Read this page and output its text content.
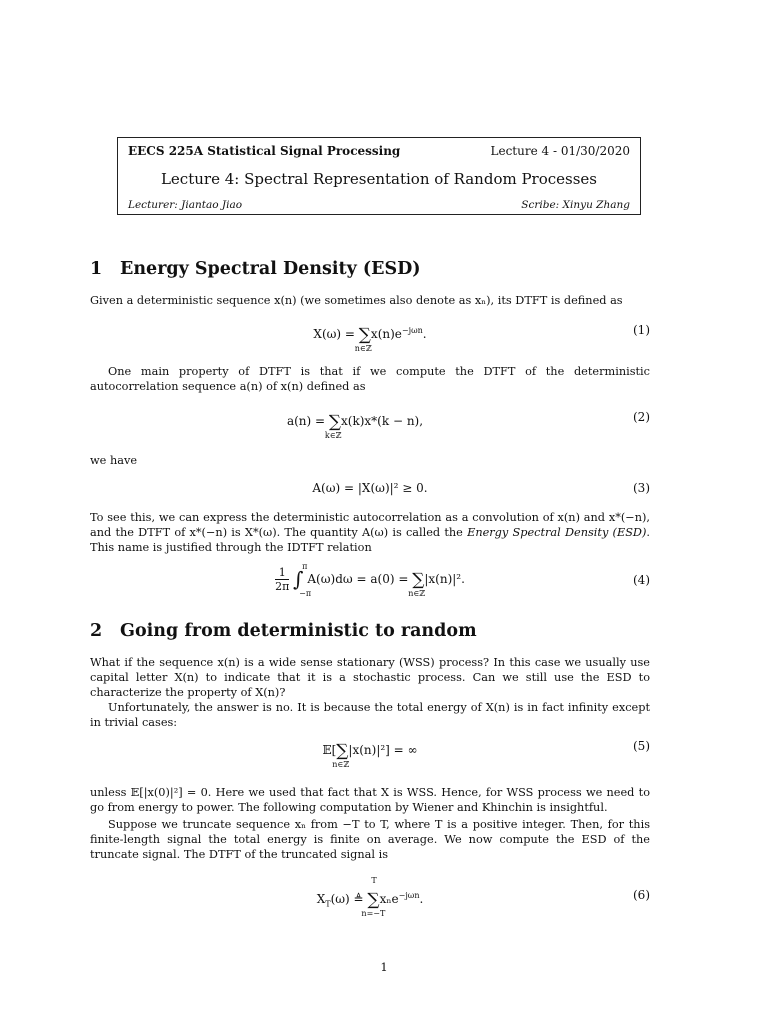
EECS 225A Statistical Signal Processing	Lecture 4 - 01/30/2020
Lecture 4: Spectral Representation of Random Processes
Lecturer: Jiantao Jiao	Scribe: Xinyu Zhang
1 Energy Spectral Density (ESD)
Given a deterministic sequence x(n) (we sometimes also denote as xₙ), its DTFT is defined as
X(ω) = ∑
n∈ℤ
$x(n)e^{-j\omega n}$.	(1)
One main property of DTFT is that if we compute the DTFT of the deterministic autocorrelation sequence a(n) of x(n) defined as
a(n) = ∑
k∈ℤ
x(k)x*(k − n),	(2)
we have
A(ω) = |X(ω)|² ≥ 0.	(3)
To see this, we can express the deterministic autocorrelation as a convolution of x(n) and x*(−n), and the DTFT of x*(−n) is X*(ω). The quantity A(ω) is called the Energy Spectral Density (ESD). This name is justified through the IDTFT relation
$\frac{1}{2\pi}$ ∫
π
−π
A(ω)dω = a(0) = ∑
n∈ℤ
|x(n)|².	(4)
2 Going from deterministic to random
What if the sequence x(n) is a wide sense stationary (WSS) process? In this case we usually use capital letter X(n) to indicate that it is a stochastic process. Can we still use the ESD to characterize the property of X(n)?
Unfortunately, the answer is no. It is because the total energy of X(n) is in fact infinity except in trivial cases:
𝔼[∑
n∈ℤ
|x(n)|²] = ∞	(5)
unless 𝔼[|x(0)|²] = 0. Here we used that fact that X is WSS. Hence, for WSS process we need to go from energy to power. The following computation by Wiener and Khinchin is insightful.
Suppose we truncate sequence xₙ from −T to T, where T is a positive integer. Then, for this finite-length signal the total energy is finite on average. We now compute the ESD of the truncate signal. The DTFT of the truncated signal is
$X_T(\omega)$ ≜
T
∑
n=−T
xₙe$^{-j\omega n}$.	(6)
1
